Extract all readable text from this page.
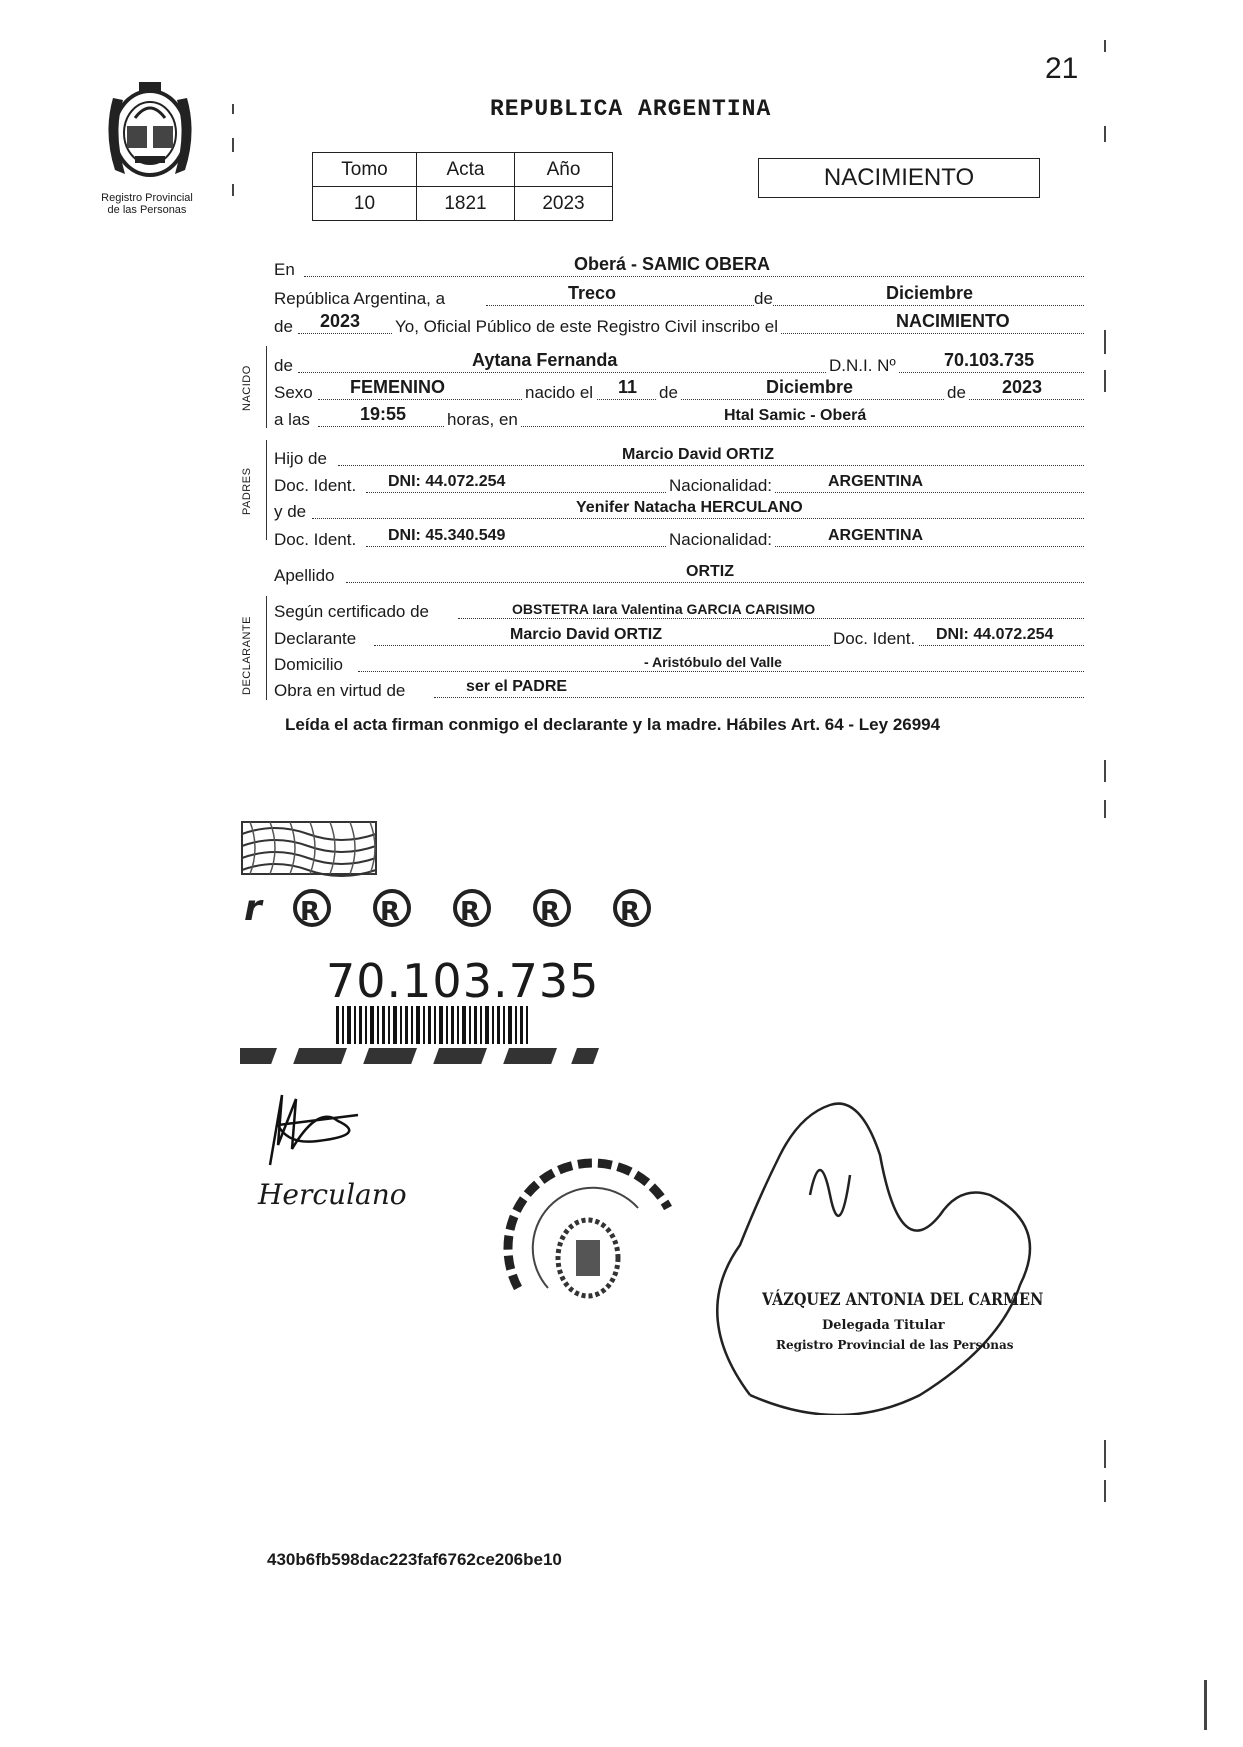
21
REPUBLICA ARGENTINA
Registro Provincial
de las Personas
Tomo	Acta	Año
10	1821	2023
NACIMIENTO
En	Oberá - SAMIC OBERA
República Argentina, a	Treco	de	Diciembre
de 2023 Yo, Oficial Público de este Registro Civil inscribo el	NACIMIENTO
NACIDO de	Aytana Fernanda	D.N.I. Nº	70.103.735
Sexo FEMENINO	nacido el 11 de	Diciembre	de 2023
a las	19:55 horas, en	Htal Samic - Oberá
PADRES
Hijo de	Marcio David ORTIZ
Doc. Ident. DNI: 44.072.254	Nacionalidad:	ARGENTINA
y de	Yenifer Natacha HERCULANO
Doc. Ident. DNI: 45.340.549	Nacionalidad:	ARGENTINA
Apellido	ORTIZ
DECLARANTE
Según certificado de	OBSTETRA Iara Valentina GARCIA CARISIMO
Declarante	Marcio David ORTIZ	Doc. Ident. DNI: 44.072.254
Domicilio	- Aristóbulo del Valle
Obra en virtud de	ser el PADRE
Leída el acta firman conmigo el declarante y la madre. Hábiles Art. 64 - Ley 26994
r R R R R R
70.103.735
Herculano
VÁZQUEZ ANTONIA DEL CARMEN
Delegada Titular
Registro Provincial de las Personas
430b6fb598dac223faf6762ce206be10
